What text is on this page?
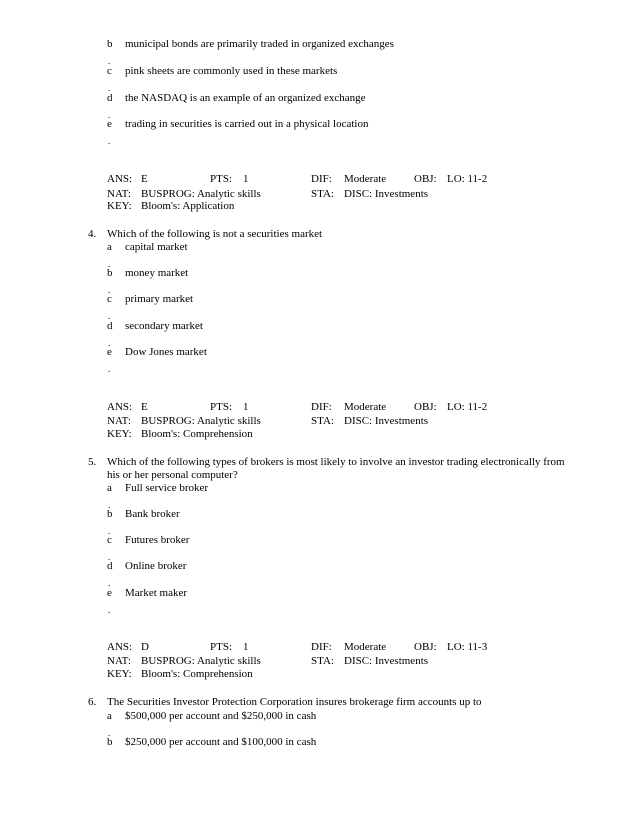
b	municipal bonds are primarily traded in organized exchanges
.
c	pink sheets are commonly used in these markets
.
d	the NASDAQ is an example of an organized exchange
.
e	trading in securities is carried out in a physical location
.
ANS: E	PTS: 1	DIF: Moderate	OBJ: LO: 11-2
NAT: BUSPROG: Analytic skills	STA: DISC: Investments
KEY: Bloom's: Application
4. Which of the following is not a securities market
a	capital market
.
b	money market
.
c	primary market
.
d	secondary market
.
e	Dow Jones market
.
ANS: E	PTS: 1	DIF: Moderate	OBJ: LO: 11-2
NAT: BUSPROG: Analytic skills	STA: DISC: Investments
KEY: Bloom's: Comprehension
5. Which of the following types of brokers is most likely to involve an investor trading electronically from his or her personal computer?
a	Full service broker
.
b	Bank broker
.
c	Futures broker
.
d	Online broker
.
e	Market maker
.
ANS: D	PTS: 1	DIF: Moderate	OBJ: LO: 11-3
NAT: BUSPROG: Analytic skills	STA: DISC: Investments
KEY: Bloom's: Comprehension
6. The Securities Investor Protection Corporation insures brokerage firm accounts up to
a	$500,000 per account and $250,000 in cash
.
b	$250,000 per account and $100,000 in cash
